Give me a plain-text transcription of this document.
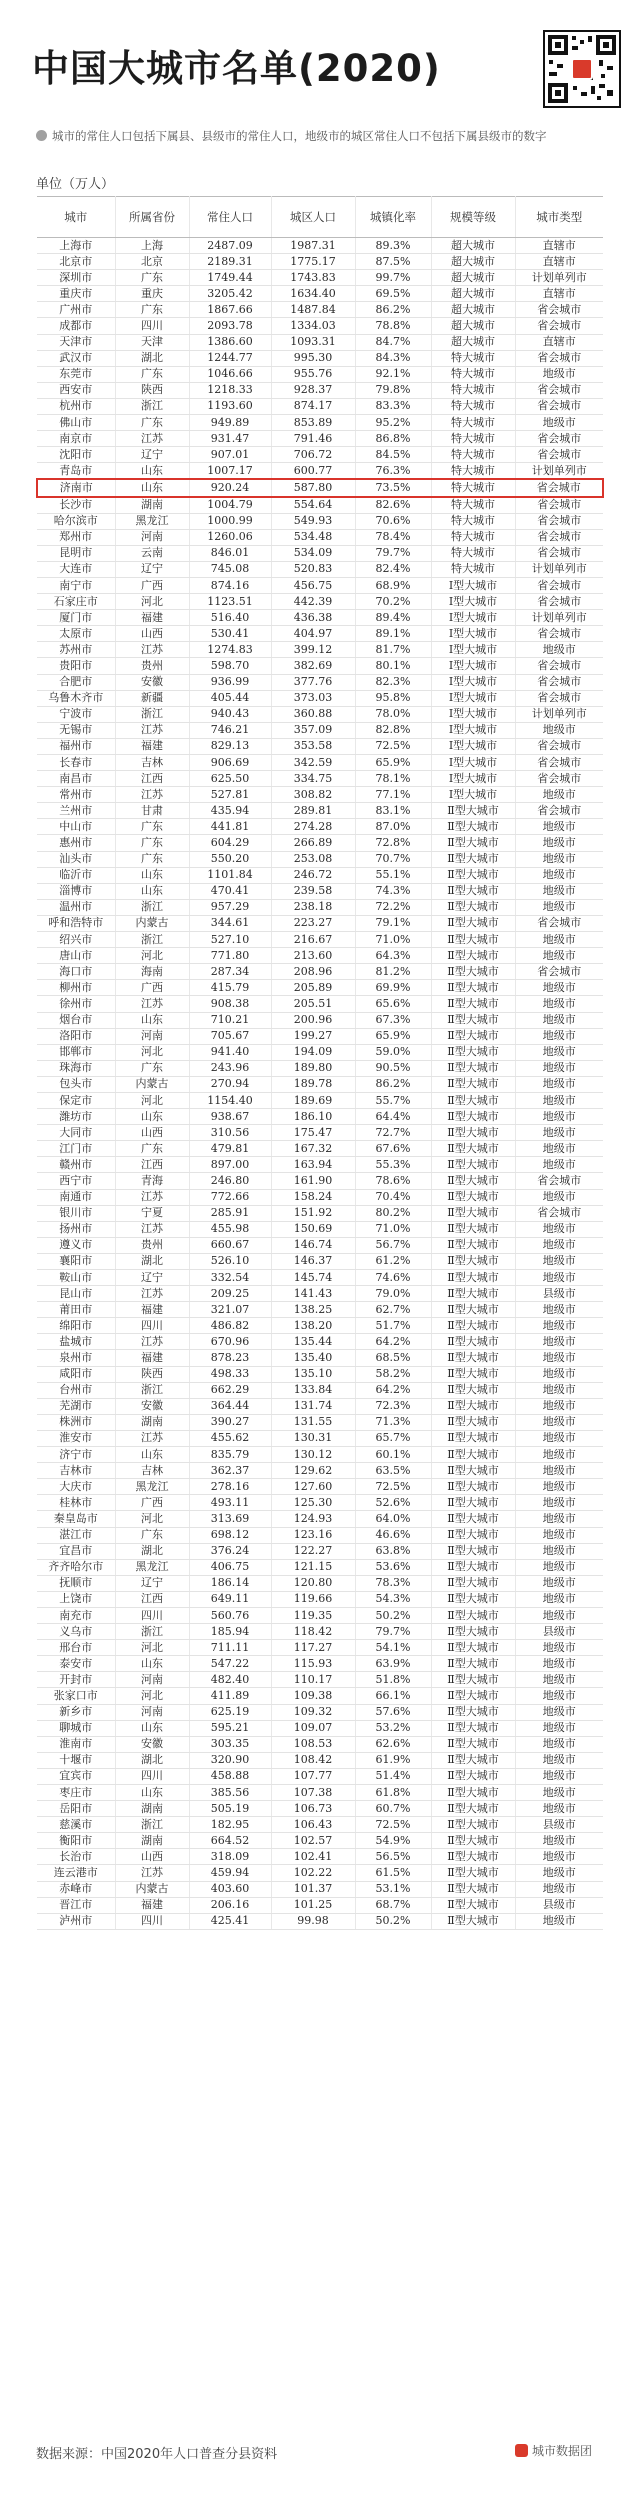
中国大城市名单(2020)
城市的常住人口包括下属县、县级市的常住人口，地级市的城区常住人口不包括下属县级市的数字
单位（万人）
城市	所属省份	常住人口	城区人口	城镇化率	规模等级	城市类型
上海市	上海	2487.09	1987.31	89.3%	超大城市	直辖市
北京市	北京	2189.31	1775.17	87.5%	超大城市	直辖市
深圳市	广东	1749.44	1743.83	99.7%	超大城市	计划单列市
重庆市	重庆	3205.42	1634.40	69.5%	超大城市	直辖市
广州市	广东	1867.66	1487.84	86.2%	超大城市	省会城市
成都市	四川	2093.78	1334.03	78.8%	超大城市	省会城市
天津市	天津	1386.60	1093.31	84.7%	超大城市	直辖市
武汉市	湖北	1244.77	995.30	84.3%	特大城市	省会城市
东莞市	广东	1046.66	955.76	92.1%	特大城市	地级市
西安市	陕西	1218.33	928.37	79.8%	特大城市	省会城市
杭州市	浙江	1193.60	874.17	83.3%	特大城市	省会城市
佛山市	广东	949.89	853.89	95.2%	特大城市	地级市
南京市	江苏	931.47	791.46	86.8%	特大城市	省会城市
沈阳市	辽宁	907.01	706.72	84.5%	特大城市	省会城市
青岛市	山东	1007.17	600.77	76.3%	特大城市	计划单列市
济南市	山东	920.24	587.80	73.5%	特大城市	省会城市
长沙市	湖南	1004.79	554.64	82.6%	特大城市	省会城市
哈尔滨市	黑龙江	1000.99	549.93	70.6%	特大城市	省会城市
郑州市	河南	1260.06	534.48	78.4%	特大城市	省会城市
昆明市	云南	846.01	534.09	79.7%	特大城市	省会城市
大连市	辽宁	745.08	520.83	82.4%	特大城市	计划单列市
南宁市	广西	874.16	456.75	68.9%	Ⅰ型大城市	省会城市
石家庄市	河北	1123.51	442.39	70.2%	Ⅰ型大城市	省会城市
厦门市	福建	516.40	436.38	89.4%	Ⅰ型大城市	计划单列市
太原市	山西	530.41	404.97	89.1%	Ⅰ型大城市	省会城市
苏州市	江苏	1274.83	399.12	81.7%	Ⅰ型大城市	地级市
贵阳市	贵州	598.70	382.69	80.1%	Ⅰ型大城市	省会城市
合肥市	安徽	936.99	377.76	82.3%	Ⅰ型大城市	省会城市
乌鲁木齐市	新疆	405.44	373.03	95.8%	Ⅰ型大城市	省会城市
宁波市	浙江	940.43	360.88	78.0%	Ⅰ型大城市	计划单列市
无锡市	江苏	746.21	357.09	82.8%	Ⅰ型大城市	地级市
福州市	福建	829.13	353.58	72.5%	Ⅰ型大城市	省会城市
长春市	吉林	906.69	342.59	65.9%	Ⅰ型大城市	省会城市
南昌市	江西	625.50	334.75	78.1%	Ⅰ型大城市	省会城市
常州市	江苏	527.81	308.82	77.1%	Ⅰ型大城市	地级市
兰州市	甘肃	435.94	289.81	83.1%	Ⅱ型大城市	省会城市
中山市	广东	441.81	274.28	87.0%	Ⅱ型大城市	地级市
惠州市	广东	604.29	266.89	72.8%	Ⅱ型大城市	地级市
汕头市	广东	550.20	253.08	70.7%	Ⅱ型大城市	地级市
临沂市	山东	1101.84	246.72	55.1%	Ⅱ型大城市	地级市
淄博市	山东	470.41	239.58	74.3%	Ⅱ型大城市	地级市
温州市	浙江	957.29	238.18	72.2%	Ⅱ型大城市	地级市
呼和浩特市	内蒙古	344.61	223.27	79.1%	Ⅱ型大城市	省会城市
绍兴市	浙江	527.10	216.67	71.0%	Ⅱ型大城市	地级市
唐山市	河北	771.80	213.60	64.3%	Ⅱ型大城市	地级市
海口市	海南	287.34	208.96	81.2%	Ⅱ型大城市	省会城市
柳州市	广西	415.79	205.89	69.9%	Ⅱ型大城市	地级市
徐州市	江苏	908.38	205.51	65.6%	Ⅱ型大城市	地级市
烟台市	山东	710.21	200.96	67.3%	Ⅱ型大城市	地级市
洛阳市	河南	705.67	199.27	65.9%	Ⅱ型大城市	地级市
邯郸市	河北	941.40	194.09	59.0%	Ⅱ型大城市	地级市
珠海市	广东	243.96	189.80	90.5%	Ⅱ型大城市	地级市
包头市	内蒙古	270.94	189.78	86.2%	Ⅱ型大城市	地级市
保定市	河北	1154.40	189.69	55.7%	Ⅱ型大城市	地级市
潍坊市	山东	938.67	186.10	64.4%	Ⅱ型大城市	地级市
大同市	山西	310.56	175.47	72.7%	Ⅱ型大城市	地级市
江门市	广东	479.81	167.32	67.6%	Ⅱ型大城市	地级市
赣州市	江西	897.00	163.94	55.3%	Ⅱ型大城市	地级市
西宁市	青海	246.80	161.90	78.6%	Ⅱ型大城市	省会城市
南通市	江苏	772.66	158.24	70.4%	Ⅱ型大城市	地级市
银川市	宁夏	285.91	151.92	80.2%	Ⅱ型大城市	省会城市
扬州市	江苏	455.98	150.69	71.0%	Ⅱ型大城市	地级市
遵义市	贵州	660.67	146.74	56.7%	Ⅱ型大城市	地级市
襄阳市	湖北	526.10	146.37	61.2%	Ⅱ型大城市	地级市
鞍山市	辽宁	332.54	145.74	74.6%	Ⅱ型大城市	地级市
昆山市	江苏	209.25	141.43	79.0%	Ⅱ型大城市	县级市
莆田市	福建	321.07	138.25	62.7%	Ⅱ型大城市	地级市
绵阳市	四川	486.82	138.20	51.7%	Ⅱ型大城市	地级市
盐城市	江苏	670.96	135.44	64.2%	Ⅱ型大城市	地级市
泉州市	福建	878.23	135.40	68.5%	Ⅱ型大城市	地级市
咸阳市	陕西	498.33	135.10	58.2%	Ⅱ型大城市	地级市
台州市	浙江	662.29	133.84	64.2%	Ⅱ型大城市	地级市
芜湖市	安徽	364.44	131.74	72.3%	Ⅱ型大城市	地级市
株洲市	湖南	390.27	131.55	71.3%	Ⅱ型大城市	地级市
淮安市	江苏	455.62	130.31	65.7%	Ⅱ型大城市	地级市
济宁市	山东	835.79	130.12	60.1%	Ⅱ型大城市	地级市
吉林市	吉林	362.37	129.62	63.5%	Ⅱ型大城市	地级市
大庆市	黑龙江	278.16	127.60	72.5%	Ⅱ型大城市	地级市
桂林市	广西	493.11	125.30	52.6%	Ⅱ型大城市	地级市
秦皇岛市	河北	313.69	124.93	64.0%	Ⅱ型大城市	地级市
湛江市	广东	698.12	123.16	46.6%	Ⅱ型大城市	地级市
宜昌市	湖北	376.24	122.27	63.8%	Ⅱ型大城市	地级市
齐齐哈尔市	黑龙江	406.75	121.15	53.6%	Ⅱ型大城市	地级市
抚顺市	辽宁	186.14	120.80	78.3%	Ⅱ型大城市	地级市
上饶市	江西	649.11	119.66	54.3%	Ⅱ型大城市	地级市
南充市	四川	560.76	119.35	50.2%	Ⅱ型大城市	地级市
义乌市	浙江	185.94	118.42	79.7%	Ⅱ型大城市	县级市
邢台市	河北	711.11	117.27	54.1%	Ⅱ型大城市	地级市
泰安市	山东	547.22	115.93	63.9%	Ⅱ型大城市	地级市
开封市	河南	482.40	110.17	51.8%	Ⅱ型大城市	地级市
张家口市	河北	411.89	109.38	66.1%	Ⅱ型大城市	地级市
新乡市	河南	625.19	109.32	57.6%	Ⅱ型大城市	地级市
聊城市	山东	595.21	109.07	53.2%	Ⅱ型大城市	地级市
淮南市	安徽	303.35	108.53	62.6%	Ⅱ型大城市	地级市
十堰市	湖北	320.90	108.42	61.9%	Ⅱ型大城市	地级市
宜宾市	四川	458.88	107.77	51.4%	Ⅱ型大城市	地级市
枣庄市	山东	385.56	107.38	61.8%	Ⅱ型大城市	地级市
岳阳市	湖南	505.19	106.73	60.7%	Ⅱ型大城市	地级市
慈溪市	浙江	182.95	106.43	72.5%	Ⅱ型大城市	县级市
衡阳市	湖南	664.52	102.57	54.9%	Ⅱ型大城市	地级市
长治市	山西	318.09	102.41	56.5%	Ⅱ型大城市	地级市
连云港市	江苏	459.94	102.22	61.5%	Ⅱ型大城市	地级市
赤峰市	内蒙古	403.60	101.37	53.1%	Ⅱ型大城市	地级市
晋江市	福建	206.16	101.25	68.7%	Ⅱ型大城市	县级市
泸州市	四川	425.41	99.98	50.2%	Ⅱ型大城市	地级市
数据来源：中国2020年人口普查分县资料	城市数据团
